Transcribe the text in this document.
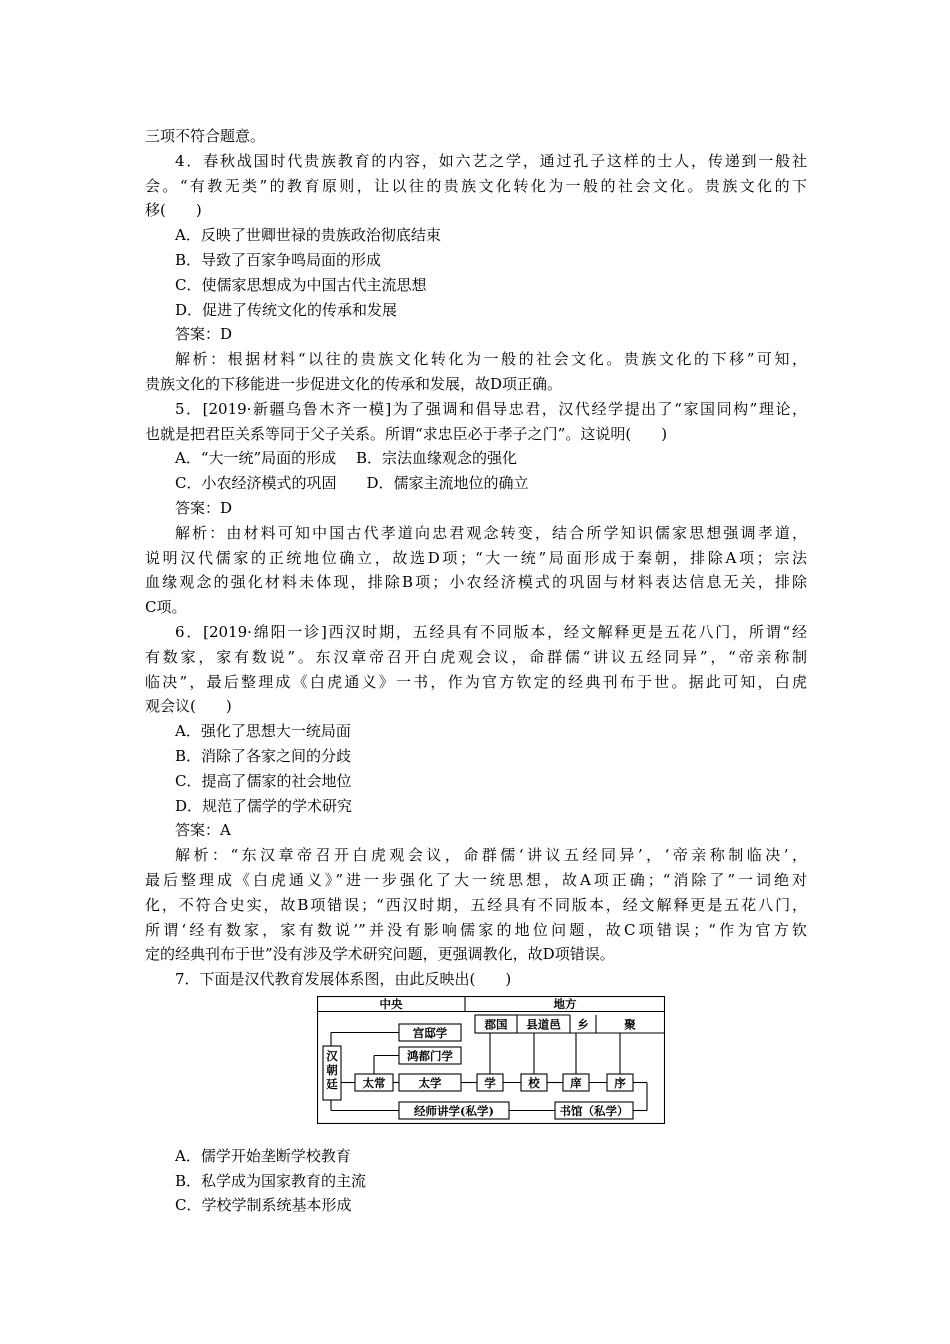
三项不符合题意。
4．春秋战国时代贵族教育的内容，如六艺之学，通过孔子这样的士人，传递到一般社
会。“有教无类”的教育原则，让以往的贵族文化转化为一般的社会文化。贵族文化的下
移(　　)
A．反映了世卿世禄的贵族政治彻底结束
B．导致了百家争鸣局面的形成
C．使儒家思想成为中国古代主流思想
D．促进了传统文化的传承和发展
答案：D
解析：根据材料“以往的贵族文化转化为一般的社会文化。贵族文化的下移”可知，
贵族文化的下移能进一步促进文化的传承和发展，故D项正确。
5．[2019·新疆乌鲁木齐一模]为了强调和倡导忠君，汉代经学提出了“家国同构”理论，
也就是把君臣关系等同于父子关系。所谓“求忠臣必于孝子之门”。这说明(　　)
A．“大一统”局面的形成　 B．宗法血缘观念的强化
C．小农经济模式的巩固　　D．儒家主流地位的确立
答案：D
解析：由材料可知中国古代孝道向忠君观念转变，结合所学知识儒家思想强调孝道，
说明汉代儒家的正统地位确立，故选D项；“大一统”局面形成于秦朝，排除A项；宗法
血缘观念的强化材料未体现，排除B项；小农经济模式的巩固与材料表达信息无关，排除
C项。
6．[2019·绵阳一诊]西汉时期，五经具有不同版本，经文解释更是五花八门，所谓“经
有数家，家有数说”。东汉章帝召开白虎观会议，命群儒“讲议五经同异”，“帝亲称制
临决”，最后整理成《白虎通义》一书，作为官方钦定的经典刊布于世。据此可知，白虎
观会议(　　)
A．强化了思想大一统局面
B．消除了各家之间的分歧
C．提高了儒家的社会地位
D．规范了儒学的学术研究
答案：A
解析：“东汉章帝召开白虎观会议，命群儒‘讲议五经同异’，‘帝亲称制临决’，
最后整理成《白虎通义》”进一步强化了大一统思想，故A项正确；“消除了”一词绝对
化，不符合史实，故B项错误；“西汉时期，五经具有不同版本，经文解释更是五花八门，
所谓‘经有数家，家有数说’”并没有影响儒家的地位问题，故C项错误；“作为官方钦
定的经典刊布于世”没有涉及学术研究问题，更强调教化，故D项错误。
7．下面是汉代教育发展体系图，由此反映出(　　)
中央	地方
郡国 县道邑 乡	聚
太常
宫邸学
鸿都门学
太学	学	校	庠	序
经师讲学(私学)	书馆（私学）
汉朝廷
A．儒学开始垄断学校教育
B．私学成为国家教育的主流
C．学校学制系统基本形成
